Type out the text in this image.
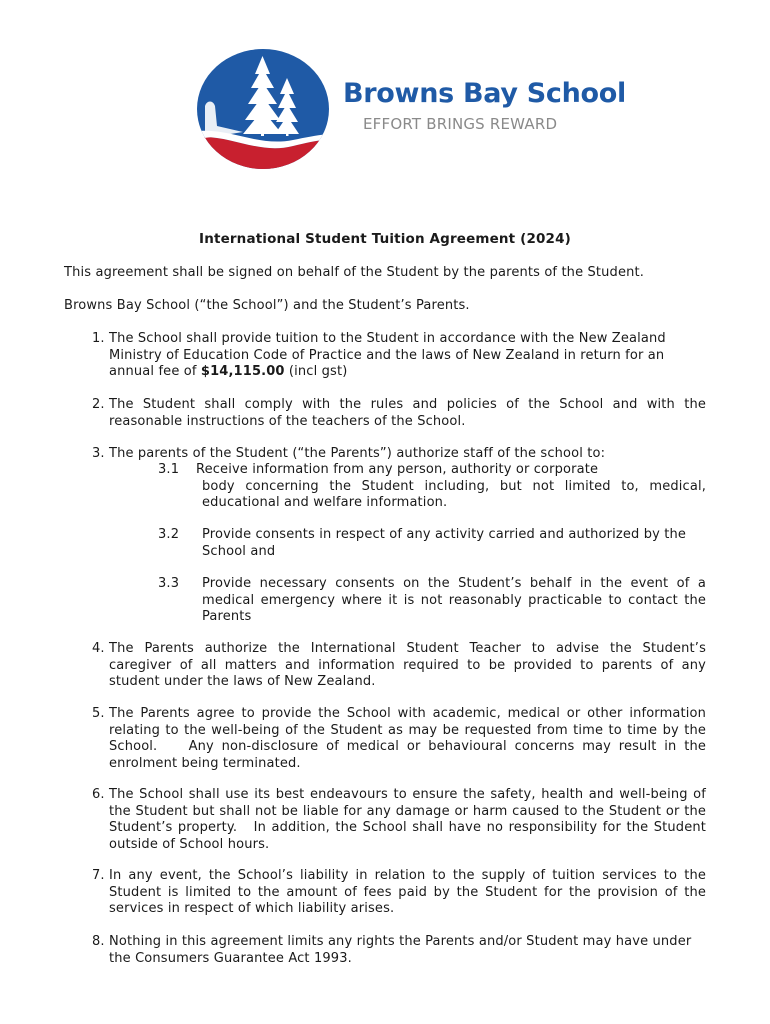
Browns Bay School
EFFORT BRINGS REWARD
International Student Tuition Agreement (2024)
This agreement shall be signed on behalf of the Student by the parents of the Student.
Browns Bay School (“the School”) and the Student’s Parents.
1. The School shall provide tuition to the Student in accordance with the New Zealand Ministry of Education Code of Practice and the laws of New Zealand in return for an annual fee of $14,115.00 (incl gst)
2. The Student shall comply with the rules and policies of the School and with the reasonable instructions of the teachers of the School.
3. The parents of the Student (“the Parents”) authorize staff of the school to:
3.1 Receive information from any person, authority or corporate
body concerning the Student including, but not limited to, medical, educational and welfare information.
3.2 Provide consents in respect of any activity carried and authorized by the School and
3.3 Provide necessary consents on the Student’s behalf in the event of a medical emergency where it is not reasonably practicable to contact the Parents
4. The Parents authorize the International Student Teacher to advise the Student’s caregiver of all matters and information required to be provided to parents of any student under the laws of New Zealand.
5. The Parents agree to provide the School with academic, medical or other information relating to the well-being of the Student as may be requested from time to time by the School.    Any non-disclosure of medical or behavioural concerns may result in the enrolment being terminated.
6. The School shall use its best endeavours to ensure the safety, health and well-being of the Student but shall not be liable for any damage or harm caused to the Student or the Student’s property.   In addition, the School shall have no responsibility for the Student outside of School hours.
7. In any event, the School’s liability in relation to the supply of tuition services to the Student is limited to the amount of fees paid by the Student for the provision of the services in respect of which liability arises.
8. Nothing in this agreement limits any rights the Parents and/or Student may have under the Consumers Guarantee Act 1993.
